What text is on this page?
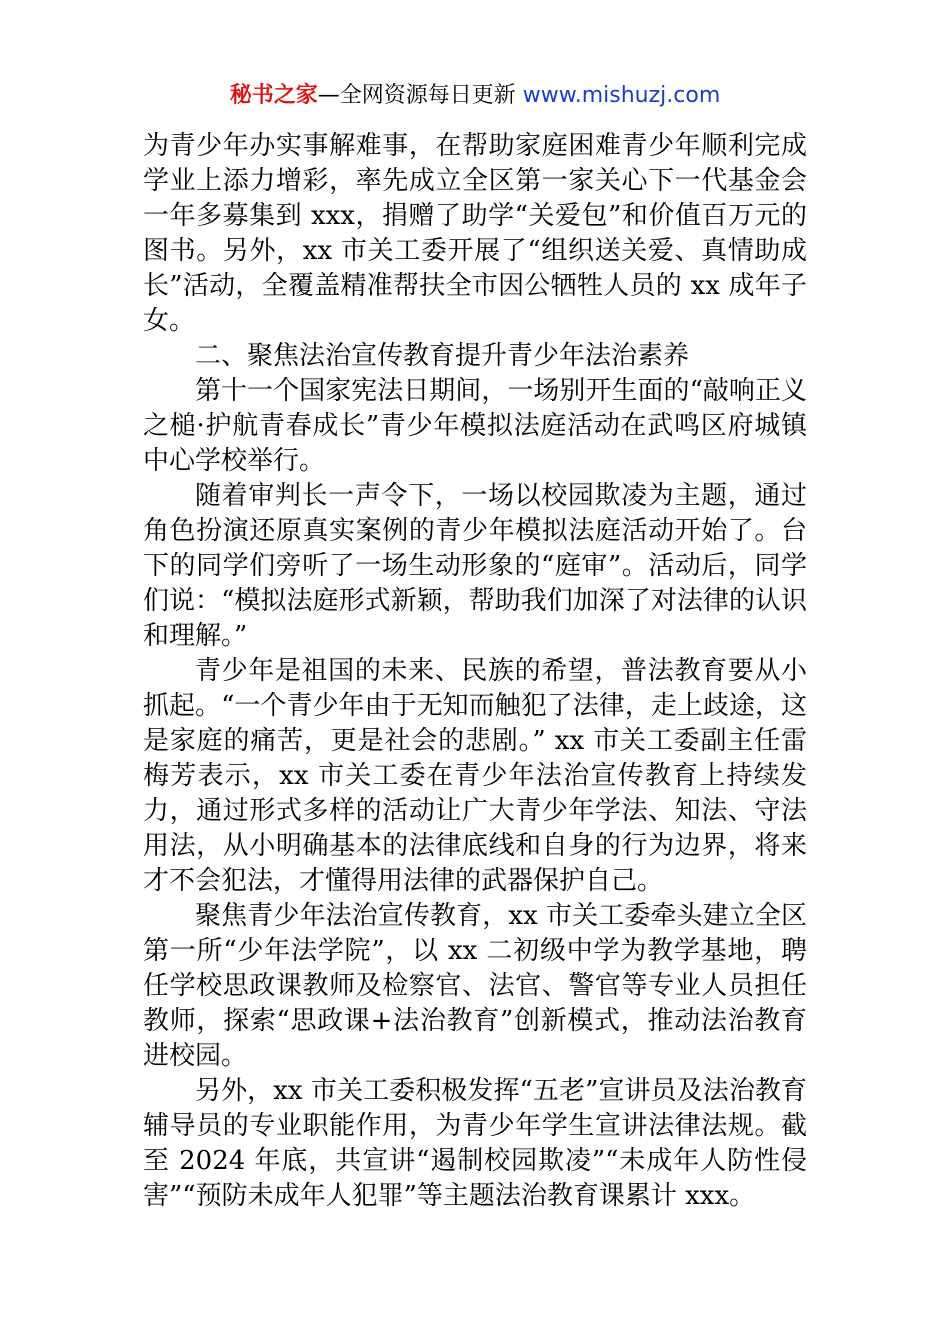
秘书之家—全网资源每日更新 www.mishuzj.com

为青少年办实事解难事，在帮助家庭困难青少年顺利完成学业上添力增彩，率先成立全区第一家关心下一代基金会一年多募集到 xxx，捐赠了助学“关爱包”和价值百万元的图书。另外，xx 市关工委开展了“组织送关爱、真情助成长”活动，全覆盖精准帮扶全市因公牺牲人员的 xx 成年子女。

二、聚焦法治宣传教育提升青少年法治素养

第十一个国家宪法日期间，一场别开生面的“敲响正义之槌·护航青春成长”青少年模拟法庭活动在武鸣区府城镇中心学校举行。

随着审判长一声令下，一场以校园欺凌为主题，通过角色扮演还原真实案例的青少年模拟法庭活动开始了。台下的同学们旁听了一场生动形象的“庭审”。活动后，同学们说：“模拟法庭形式新颖，帮助我们加深了对法律的认识和理解。”

青少年是祖国的未来、民族的希望，普法教育要从小抓起。“一个青少年由于无知而触犯了法律，走上歧途，这是家庭的痛苦，更是社会的悲剧。” xx 市关工委副主任雷梅芳表示，xx 市关工委在青少年法治宣传教育上持续发力，通过形式多样的活动让广大青少年学法、知法、守法用法，从小明确基本的法律底线和自身的行为边界，将来才不会犯法，才懂得用法律的武器保护自己。

聚焦青少年法治宣传教育，xx 市关工委牵头建立全区第一所“少年法学院”，以 xx 二初级中学为教学基地，聘任学校思政课教师及检察官、法官、警官等专业人员担任教师，探索“思政课+法治教育”创新模式，推动法治教育进校园。

另外，xx 市关工委积极发挥“五老”宣讲员及法治教育辅导员的专业职能作用，为青少年学生宣讲法律法规。截至 2024 年底，共宣讲“遏制校园欺凌”“未成年人防性侵害”“预防未成年人犯罪”等主题法治教育课累计 xxx。
